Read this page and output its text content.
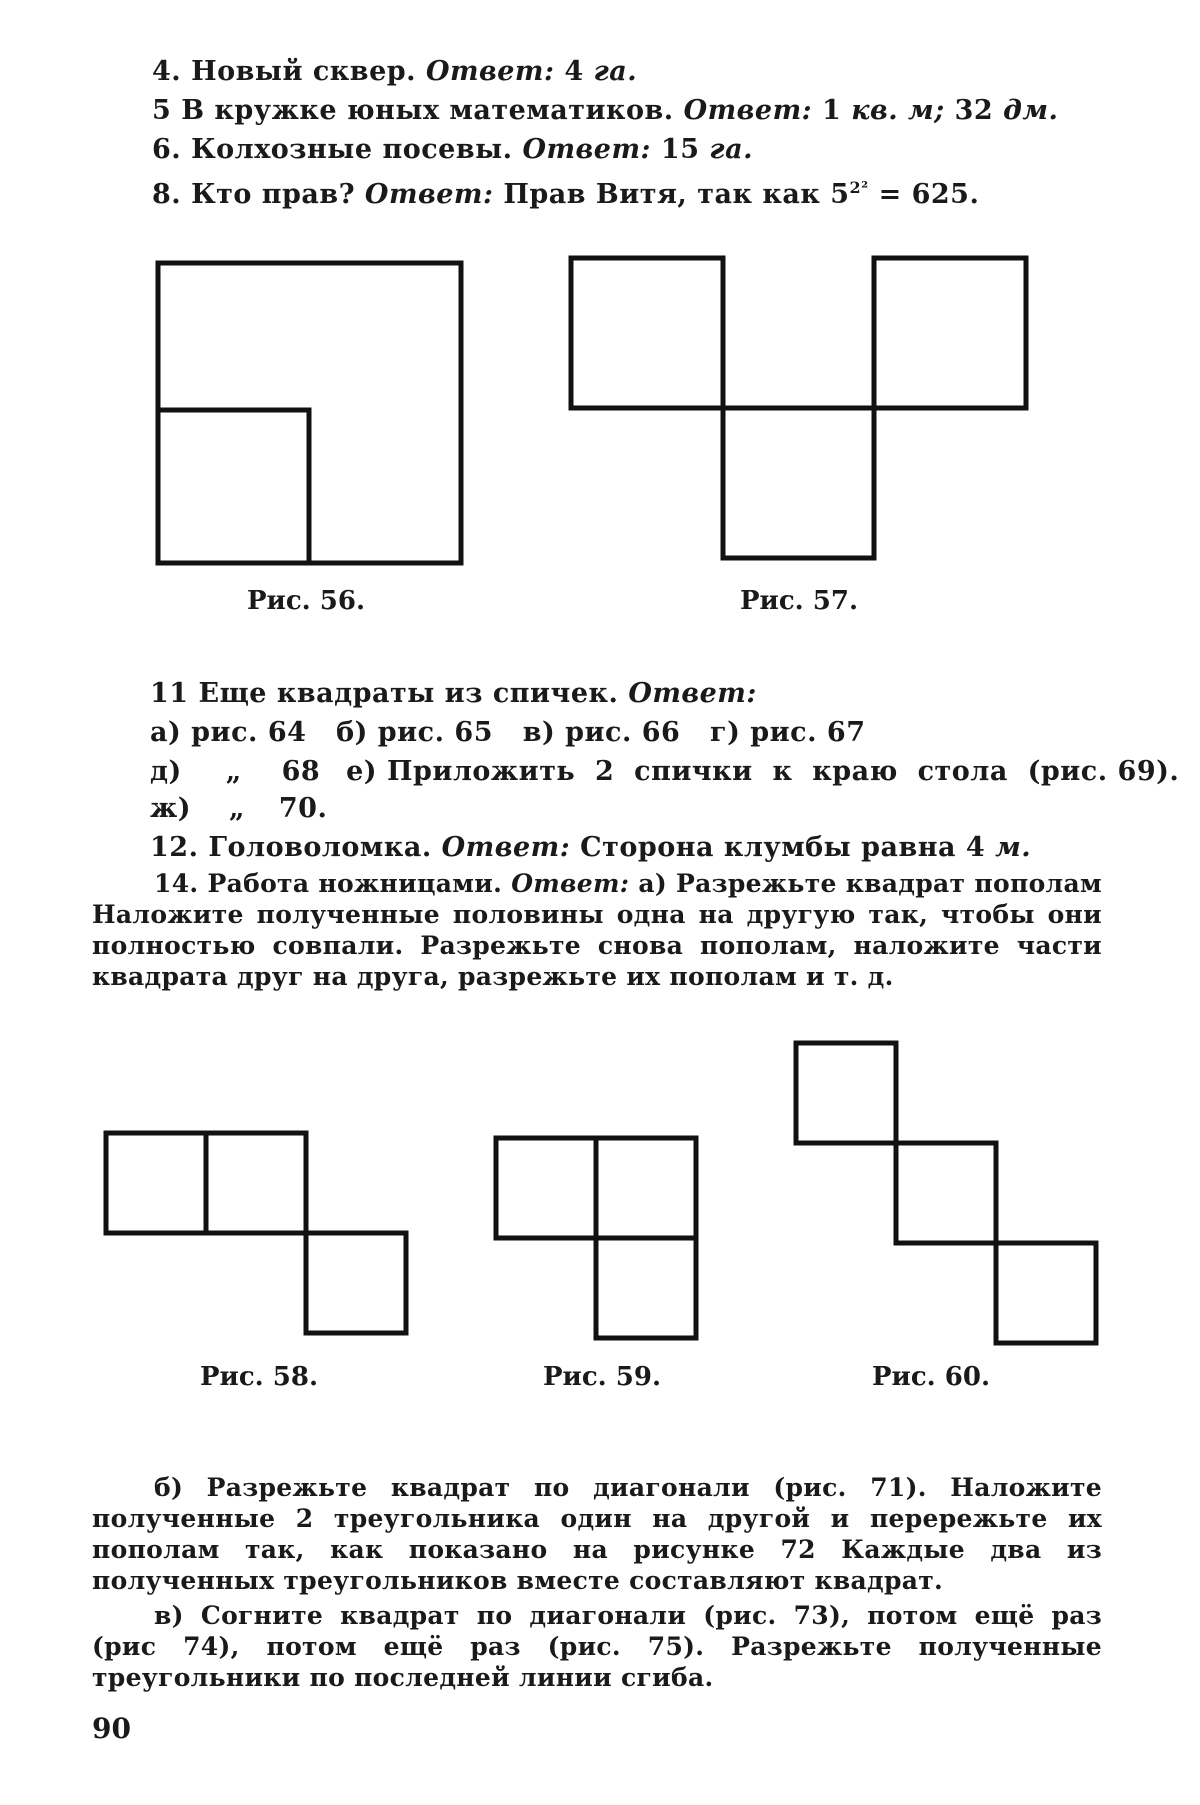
4. Новый сквер. Ответ: 4 га.
5 В кружке юных математиков. Ответ: 1 кв. м; 32 дм.
6. Колхозные посевы. Ответ: 15 га.
8. Кто прав? Ответ: Прав Витя, так как $5^{2^2} = 625$.
Рис. 56.	Рис. 57.
11 Еще квадраты из спичек. Ответ:
а) рис. 64   б) рис. 65   в) рис. 66   г) рис. 67
д) „ 68 е) Приложить  2  спички  к  краю  стола  (рис. 69).
ж) „ 70.
12. Головоломка. Ответ: Сторона клумбы равна 4 м.
14. Работа ножницами. Ответ: а) Разрежьте квадрат пополам Наложите полученные половины одна на другую так, чтобы они полностью совпали. Разрежьте снова пополам, наложите части квадрата друг на друга, разрежьте их пополам и т. д.
Рис. 58.	Рис. 59.	Рис. 60.
б) Разрежьте квадрат по диагонали (рис. 71). Наложите полученные 2 треугольника один на другой и перережьте их пополам так, как показано на рисунке 72 Каждые два из полученных треугольников вместе составляют квадрат.
в) Согните квадрат по диагонали (рис. 73), потом ещё раз (рис 74), потом ещё раз (рис. 75). Разрежьте полученные треугольники по последней линии сгиба.
90
